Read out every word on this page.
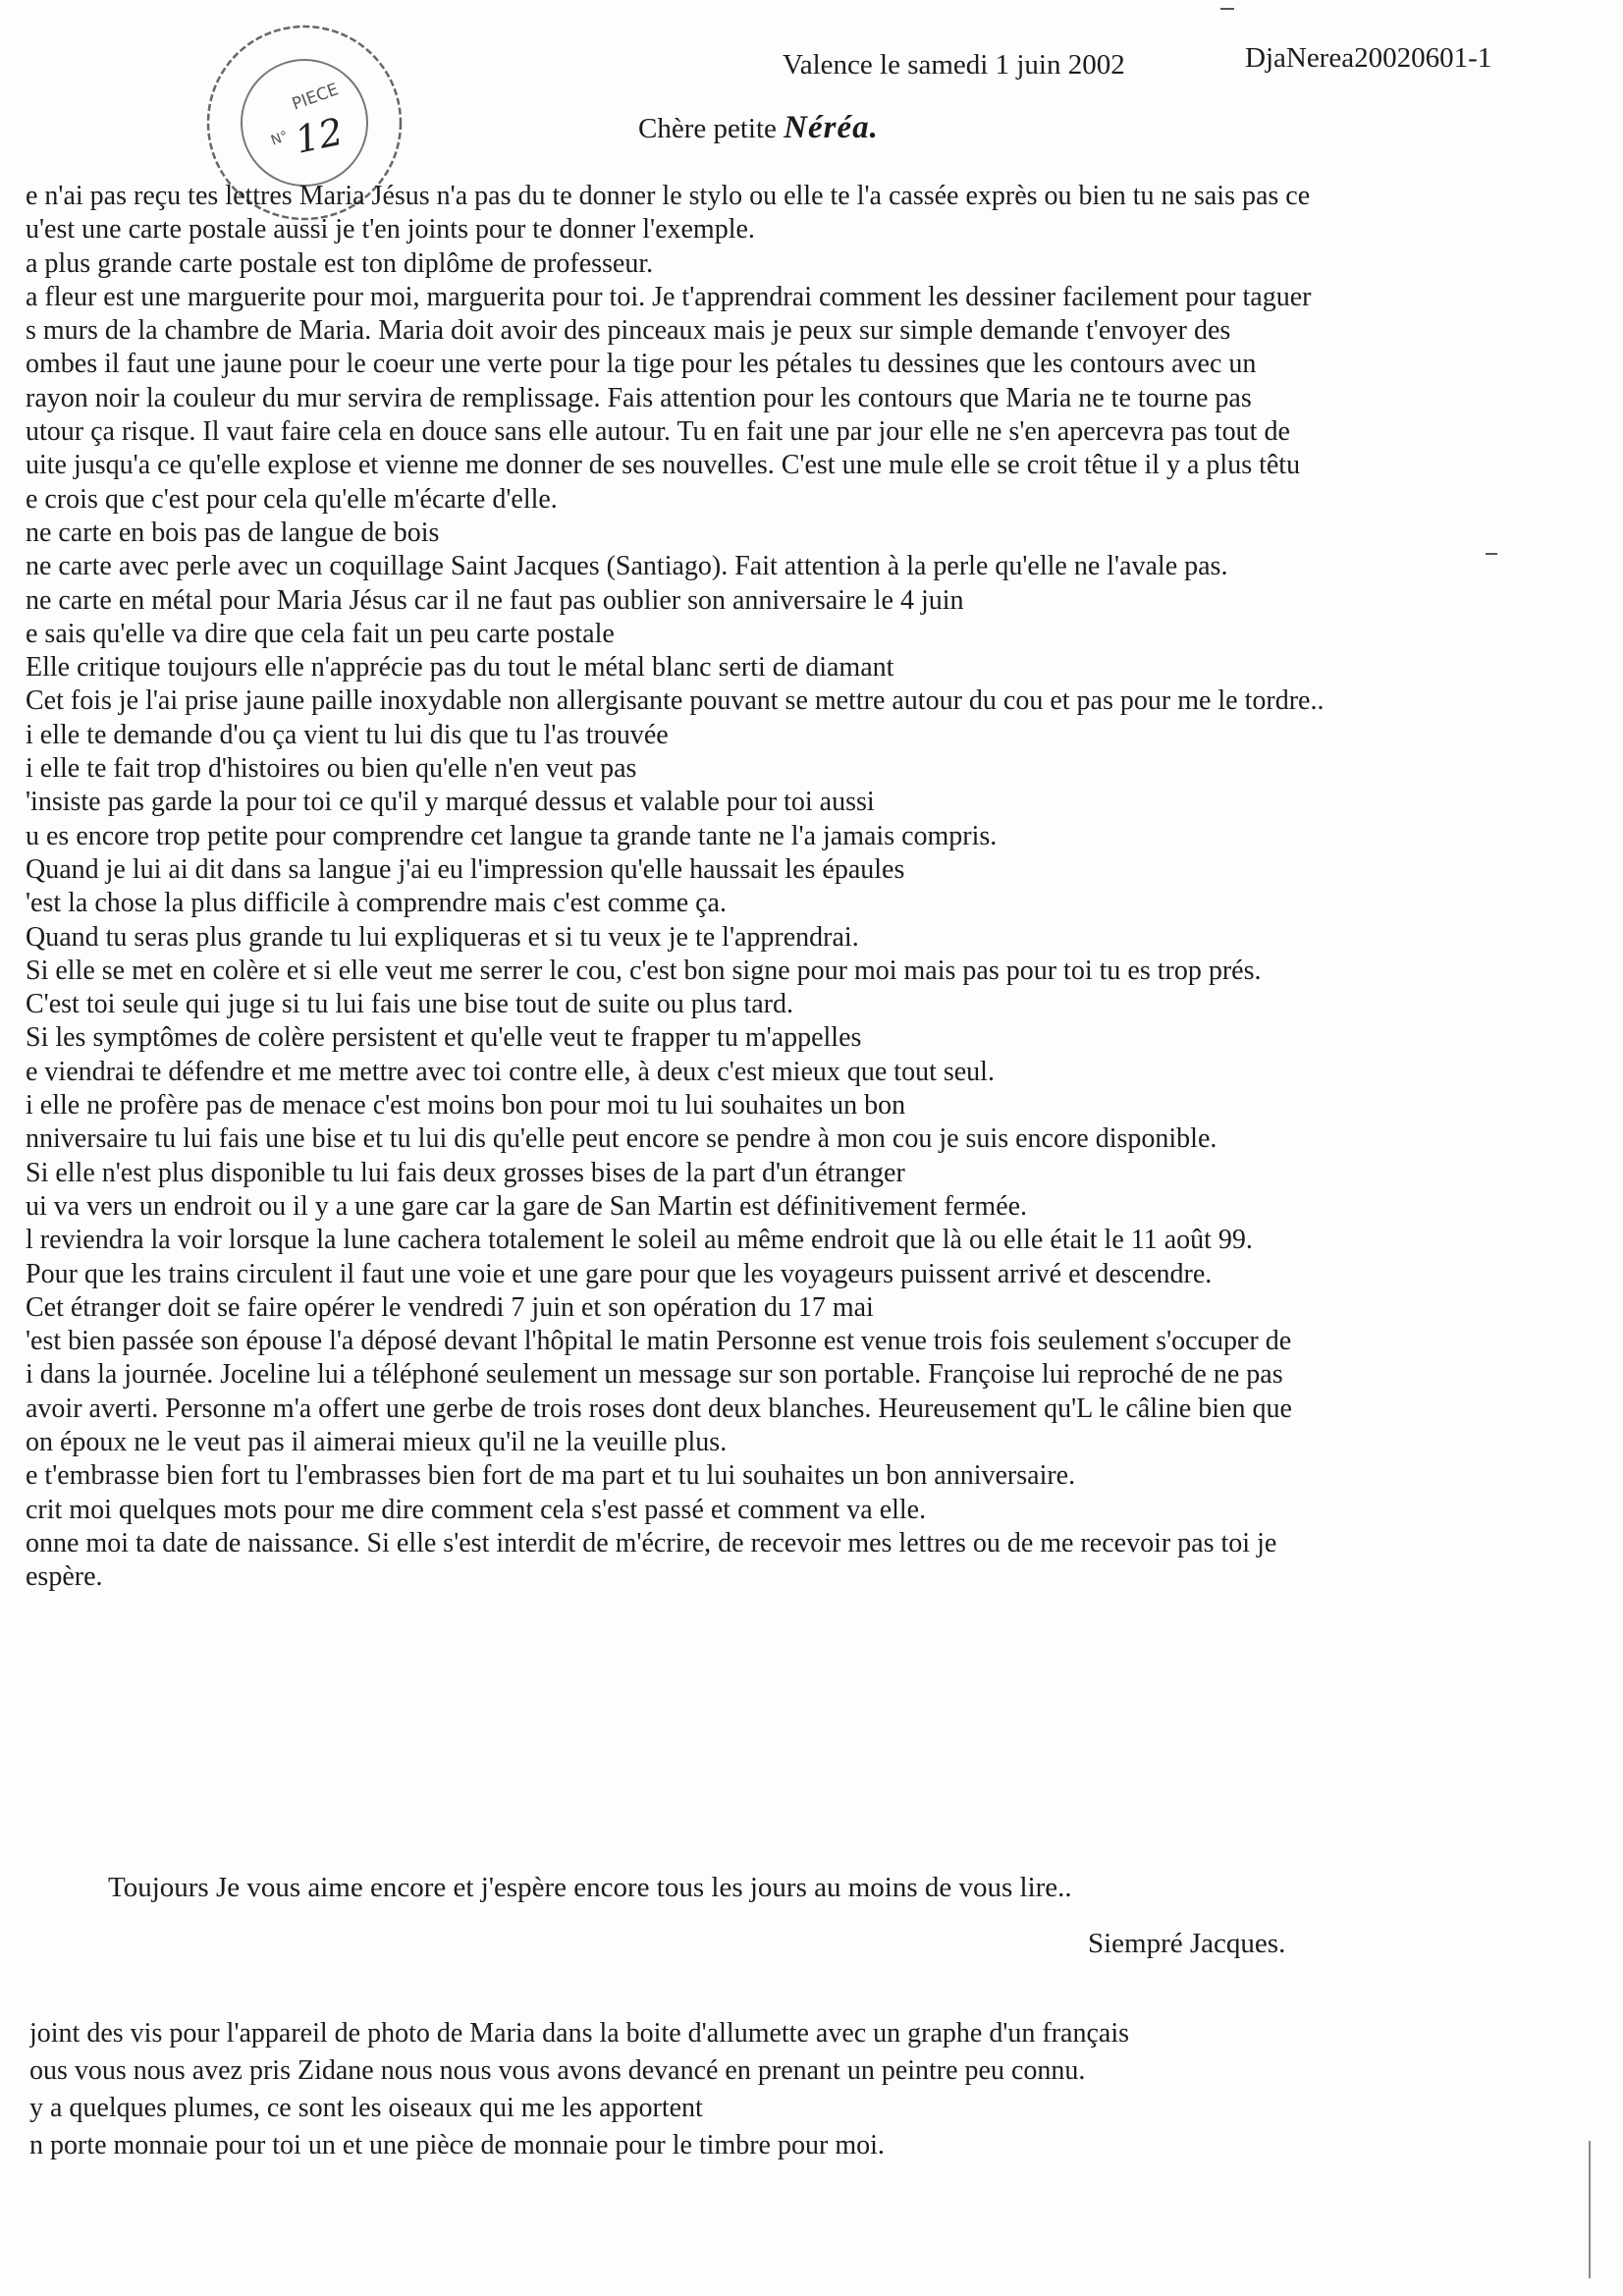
PIECE
N° 12
Valence le samedi 1 juin 2002	DjaNerea20020601-1
Chère petite Néréa.
e n'ai pas reçu tes lettres Maria Jésus n'a pas du te donner le stylo ou elle te l'a cassée exprès ou bien tu ne sais pas ce
u'est une carte postale aussi je t'en joints pour te donner l'exemple.
a plus grande carte postale est ton diplôme de professeur.
a fleur est une marguerite pour moi, marguerita pour toi. Je t'apprendrai comment les dessiner facilement pour taguer
s murs de la chambre de Maria. Maria doit avoir des pinceaux mais je peux sur simple demande t'envoyer des
ombes il faut une jaune pour le coeur une verte pour la tige pour les pétales tu dessines que les contours avec un
rayon noir la couleur du mur servira de remplissage. Fais attention pour les contours que Maria ne te tourne pas
utour ça risque. Il vaut faire cela en douce sans elle autour. Tu en fait une par jour elle ne s'en apercevra pas tout de
uite jusqu'a ce qu'elle explose et vienne me donner de ses nouvelles. C'est une mule elle se croit têtue il y a plus têtu
e crois que c'est pour cela qu'elle m'écarte d'elle.
ne carte en bois pas de langue de bois
ne carte avec perle avec un coquillage Saint Jacques (Santiago). Fait attention à la perle qu'elle ne l'avale pas.
ne carte en métal pour Maria Jésus car il ne faut pas oublier son anniversaire le 4 juin
e sais qu'elle va dire que cela fait un peu carte postale
Elle critique toujours elle n'apprécie pas du tout le métal blanc serti de diamant
Cet fois je l'ai prise jaune paille inoxydable non allergisante pouvant se mettre autour du cou et pas pour me le tordre..
i elle te demande d'ou ça vient tu lui dis que tu l'as trouvée
i elle te fait trop d'histoires ou bien qu'elle n'en veut pas
'insiste pas garde la pour toi ce qu'il y marqué dessus et valable pour toi aussi
u es encore trop petite pour comprendre cet langue ta grande tante ne l'a jamais compris.
Quand je lui ai dit dans sa langue j'ai eu l'impression qu'elle haussait les épaules
'est la chose la plus difficile à comprendre mais c'est comme ça.
Quand tu seras plus grande tu lui expliqueras et si tu veux je te l'apprendrai.
Si elle se met en colère et si elle veut me serrer le cou, c'est bon signe pour moi mais pas pour toi tu es trop prés.
C'est toi seule qui juge si tu lui fais une bise tout de suite ou plus tard.
Si les symptômes de colère persistent et qu'elle veut te frapper tu m'appelles
e viendrai te défendre et me mettre avec toi contre elle, à deux c'est mieux que tout seul.
i elle ne profère pas de menace c'est moins bon pour moi tu lui souhaites un bon
nniversaire tu lui fais une bise et tu lui dis qu'elle peut encore se pendre à mon cou je suis encore disponible.
Si elle n'est plus disponible tu lui fais deux grosses bises de la part d'un étranger
ui va vers un endroit ou il y a une gare car la gare de San Martin est définitivement fermée.
l reviendra la voir lorsque la lune cachera totalement le soleil au même endroit que là ou elle était le 11 août 99.
Pour que les trains circulent il faut une voie et une gare pour que les voyageurs puissent arrivé et descendre.
Cet étranger doit se faire opérer le vendredi 7 juin et son opération du 17 mai
'est bien passée son épouse l'a déposé devant l'hôpital le matin Personne est venue trois fois seulement s'occuper de
i dans la journée. Joceline lui a téléphoné seulement un message sur son portable. Françoise lui reproché de ne pas
avoir averti. Personne m'a offert une gerbe de trois roses dont deux blanches. Heureusement qu'L le câline bien que
on époux ne le veut pas il aimerai mieux qu'il ne la veuille plus.
e t'embrasse bien fort tu l'embrasses bien fort de ma part et tu lui souhaites un bon anniversaire.
crit moi quelques mots pour me dire comment cela s'est passé et comment va elle.
onne moi ta date de naissance. Si elle s'est interdit de m'écrire, de recevoir mes lettres ou de me recevoir pas toi je
espère.
Toujours Je vous aime encore et j'espère encore tous les jours au moins de vous lire..
Siempré Jacques.
joint des vis pour l'appareil de photo de Maria dans la boite d'allumette avec un graphe d'un français
ous vous nous avez pris Zidane nous nous vous avons devancé en prenant un peintre peu connu.
y a quelques plumes, ce sont les oiseaux qui me les apportent
n porte monnaie pour toi un et une pièce de monnaie pour le timbre pour moi.
